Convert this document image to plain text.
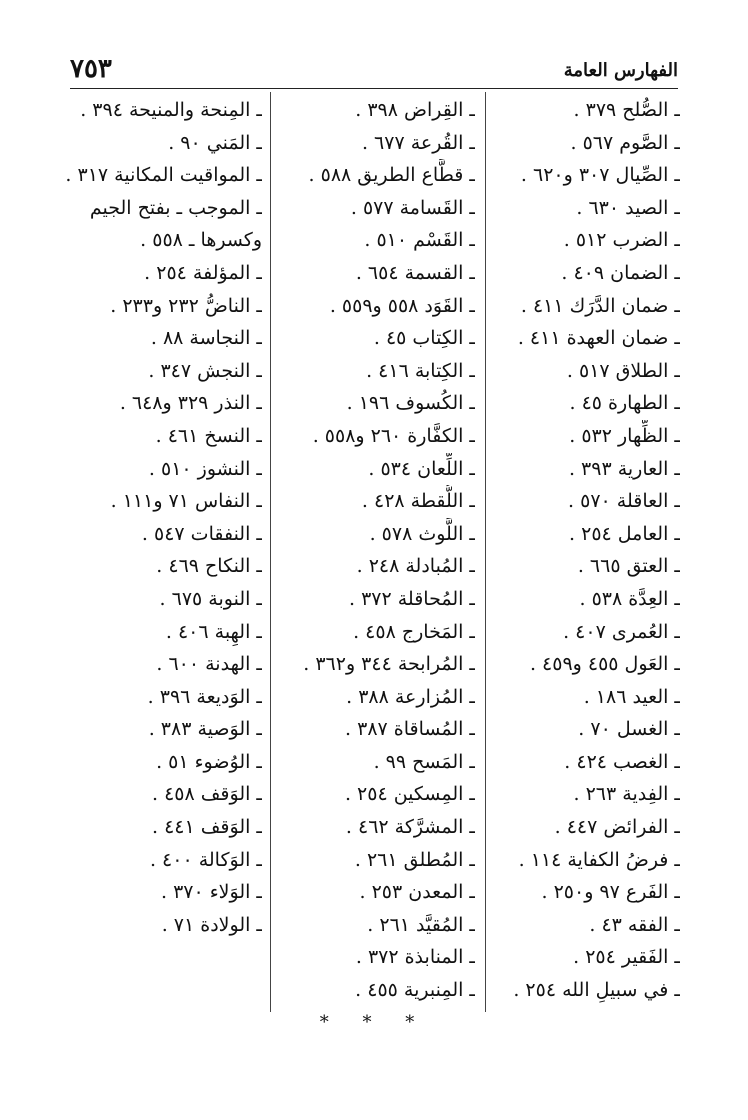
الفهارس العامة
٧٥٣
ـ الصُّلح ٣٧٩ .
ـ الصَّوم ٥٦٧ .
ـ الصِّيال ٣٠٧ و٦٢٠ .
ـ الصيد ٦٣٠ .
ـ الضرب ٥١٢ .
ـ الضمان ٤٠٩ .
ـ ضمان الدَّرَك ٤١١ .
ـ ضمان العهدة ٤١١ .
ـ الطلاق ٥١٧ .
ـ الطهارة ٤٥ .
ـ الظِّهار ٥٣٢ .
ـ العارية ٣٩٣ .
ـ العاقلة ٥٧٠ .
ـ العامل ٢٥٤ .
ـ العتق ٦٦٥ .
ـ العِدَّة ٥٣٨ .
ـ العُمرى ٤٠٧ .
ـ العَول ٤٥٥ و٤٥٩ .
ـ العيد ١٨٦ .
ـ الغسل ٧٠ .
ـ الغصب ٤٢٤ .
ـ الفِدية ٢٦٣ .
ـ الفرائض ٤٤٧ .
ـ فرضُ الكفاية ١١٤ .
ـ الفَرع ٩٧ و٢٥٠ .
ـ الفقه ٤٣ .
ـ الفَقير ٢٥٤ .
ـ في سبيلِ الله ٢٥٤ .
ـ القِراض ٣٩٨ .
ـ القُرعة ٦٧٧ .
ـ قطَّاع الطريق ٥٨٨ .
ـ القَسامة ٥٧٧ .
ـ القَسْم ٥١٠ .
ـ القسمة ٦٥٤ .
ـ القَوَد ٥٥٨ و٥٥٩ .
ـ الكِتاب ٤٥ .
ـ الكِتابة ٤١٦ .
ـ الكُسوف ١٩٦ .
ـ الكفَّارة ٢٦٠ و٥٥٨ .
ـ اللِّعان ٥٣٤ .
ـ اللُّقطة ٤٢٨ .
ـ اللَّوث ٥٧٨ .
ـ المُبادلة ٢٤٨ .
ـ المُحاقلة ٣٧٢ .
ـ المَخارج ٤٥٨ .
ـ المُرابحة ٣٤٤ و٣٦٢ .
ـ المُزارعة ٣٨٨ .
ـ المُساقاة ٣٨٧ .
ـ المَسح ٩٩ .
ـ المِسكين ٢٥٤ .
ـ المشرَّكة ٤٦٢ .
ـ المُطلق ٢٦١ .
ـ المعدن ٢٥٣ .
ـ المُقيَّد ٢٦١ .
ـ المنابذة ٣٧٢ .
ـ المِنبرية ٤٥٥ .
ـ المِنحة والمنيحة ٣٩٤ .
ـ المَني ٩٠ .
ـ المواقيت المكانية ٣١٧ .
ـ الموجب ـ بفتح الجيم
وكسرها ـ ٥٥٨ .
ـ المؤلفة ٢٥٤ .
ـ الناضُّ ٢٣٢ و٢٣٣ .
ـ النجاسة ٨٨ .
ـ النجش ٣٤٧ .
ـ النذر ٣٢٩ و٦٤٨ .
ـ النسخ ٤٦١ .
ـ النشوز ٥١٠ .
ـ النفاس ٧١ و١١١ .
ـ النفقات ٥٤٧ .
ـ النكاح ٤٦٩ .
ـ النوبة ٦٧٥ .
ـ الهِبة ٤٠٦ .
ـ الهدنة ٦٠٠ .
ـ الوَديعة ٣٩٦ .
ـ الوَصية ٣٨٣ .
ـ الوُضوء ٥١ .
ـ الوَقف ٤٥٨ .
ـ الوَقف ٤٤١ .
ـ الوَكالة ٤٠٠ .
ـ الوَلاء ٣٧٠ .
ـ الولادة ٧١ .
* * *
